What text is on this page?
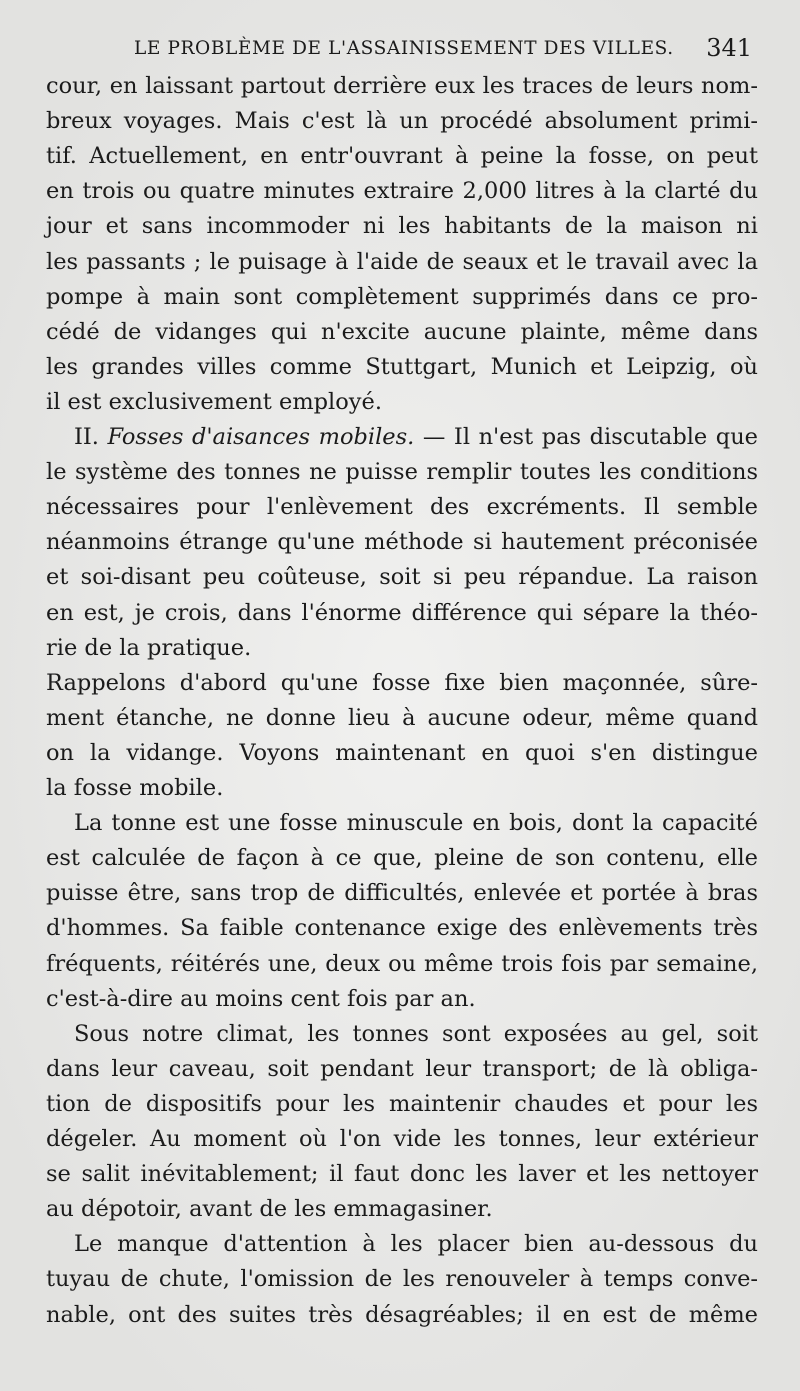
LE PROBLÈME DE L'ASSAINISSEMENT DES VILLES. 341
cour, en laissant partout derrière eux les traces de leurs nom-
breux voyages. Mais c'est là un procédé absolument primi-
tif. Actuellement, en entr'ouvrant à peine la fosse, on peut
en trois ou quatre minutes extraire 2,000 litres à la clarté du
jour et sans incommoder ni les habitants de la maison ni
les passants ; le puisage à l'aide de seaux et le travail avec la
pompe à main sont complètement supprimés dans ce pro-
cédé de vidanges qui n'excite aucune plainte, même dans
les grandes villes comme Stuttgart, Munich et Leipzig, où
il est exclusivement employé.
II. Fosses d'aisances mobiles. — Il n'est pas discutable que
le système des tonnes ne puisse remplir toutes les conditions
nécessaires pour l'enlèvement des excréments. Il semble
néanmoins étrange qu'une méthode si hautement préconisée
et soi-disant peu coûteuse, soit si peu répandue. La raison
en est, je crois, dans l'énorme différence qui sépare la théo-
rie de la pratique.
Rappelons d'abord qu'une fosse fixe bien maçonnée, sûre-
ment étanche, ne donne lieu à aucune odeur, même quand
on la vidange. Voyons maintenant en quoi s'en distingue
la fosse mobile.
La tonne est une fosse minuscule en bois, dont la capacité
est calculée de façon à ce que, pleine de son contenu, elle
puisse être, sans trop de difficultés, enlevée et portée à bras
d'hommes. Sa faible contenance exige des enlèvements très
fréquents, réitérés une, deux ou même trois fois par semaine,
c'est-à-dire au moins cent fois par an.
Sous notre climat, les tonnes sont exposées au gel, soit
dans leur caveau, soit pendant leur transport; de là obliga-
tion de dispositifs pour les maintenir chaudes et pour les
dégeler. Au moment où l'on vide les tonnes, leur extérieur
se salit inévitablement; il faut donc les laver et les nettoyer
au dépotoir, avant de les emmagasiner.
Le manque d'attention à les placer bien au-dessous du
tuyau de chute, l'omission de les renouveler à temps conve-
nable, ont des suites très désagréables; il en est de même
